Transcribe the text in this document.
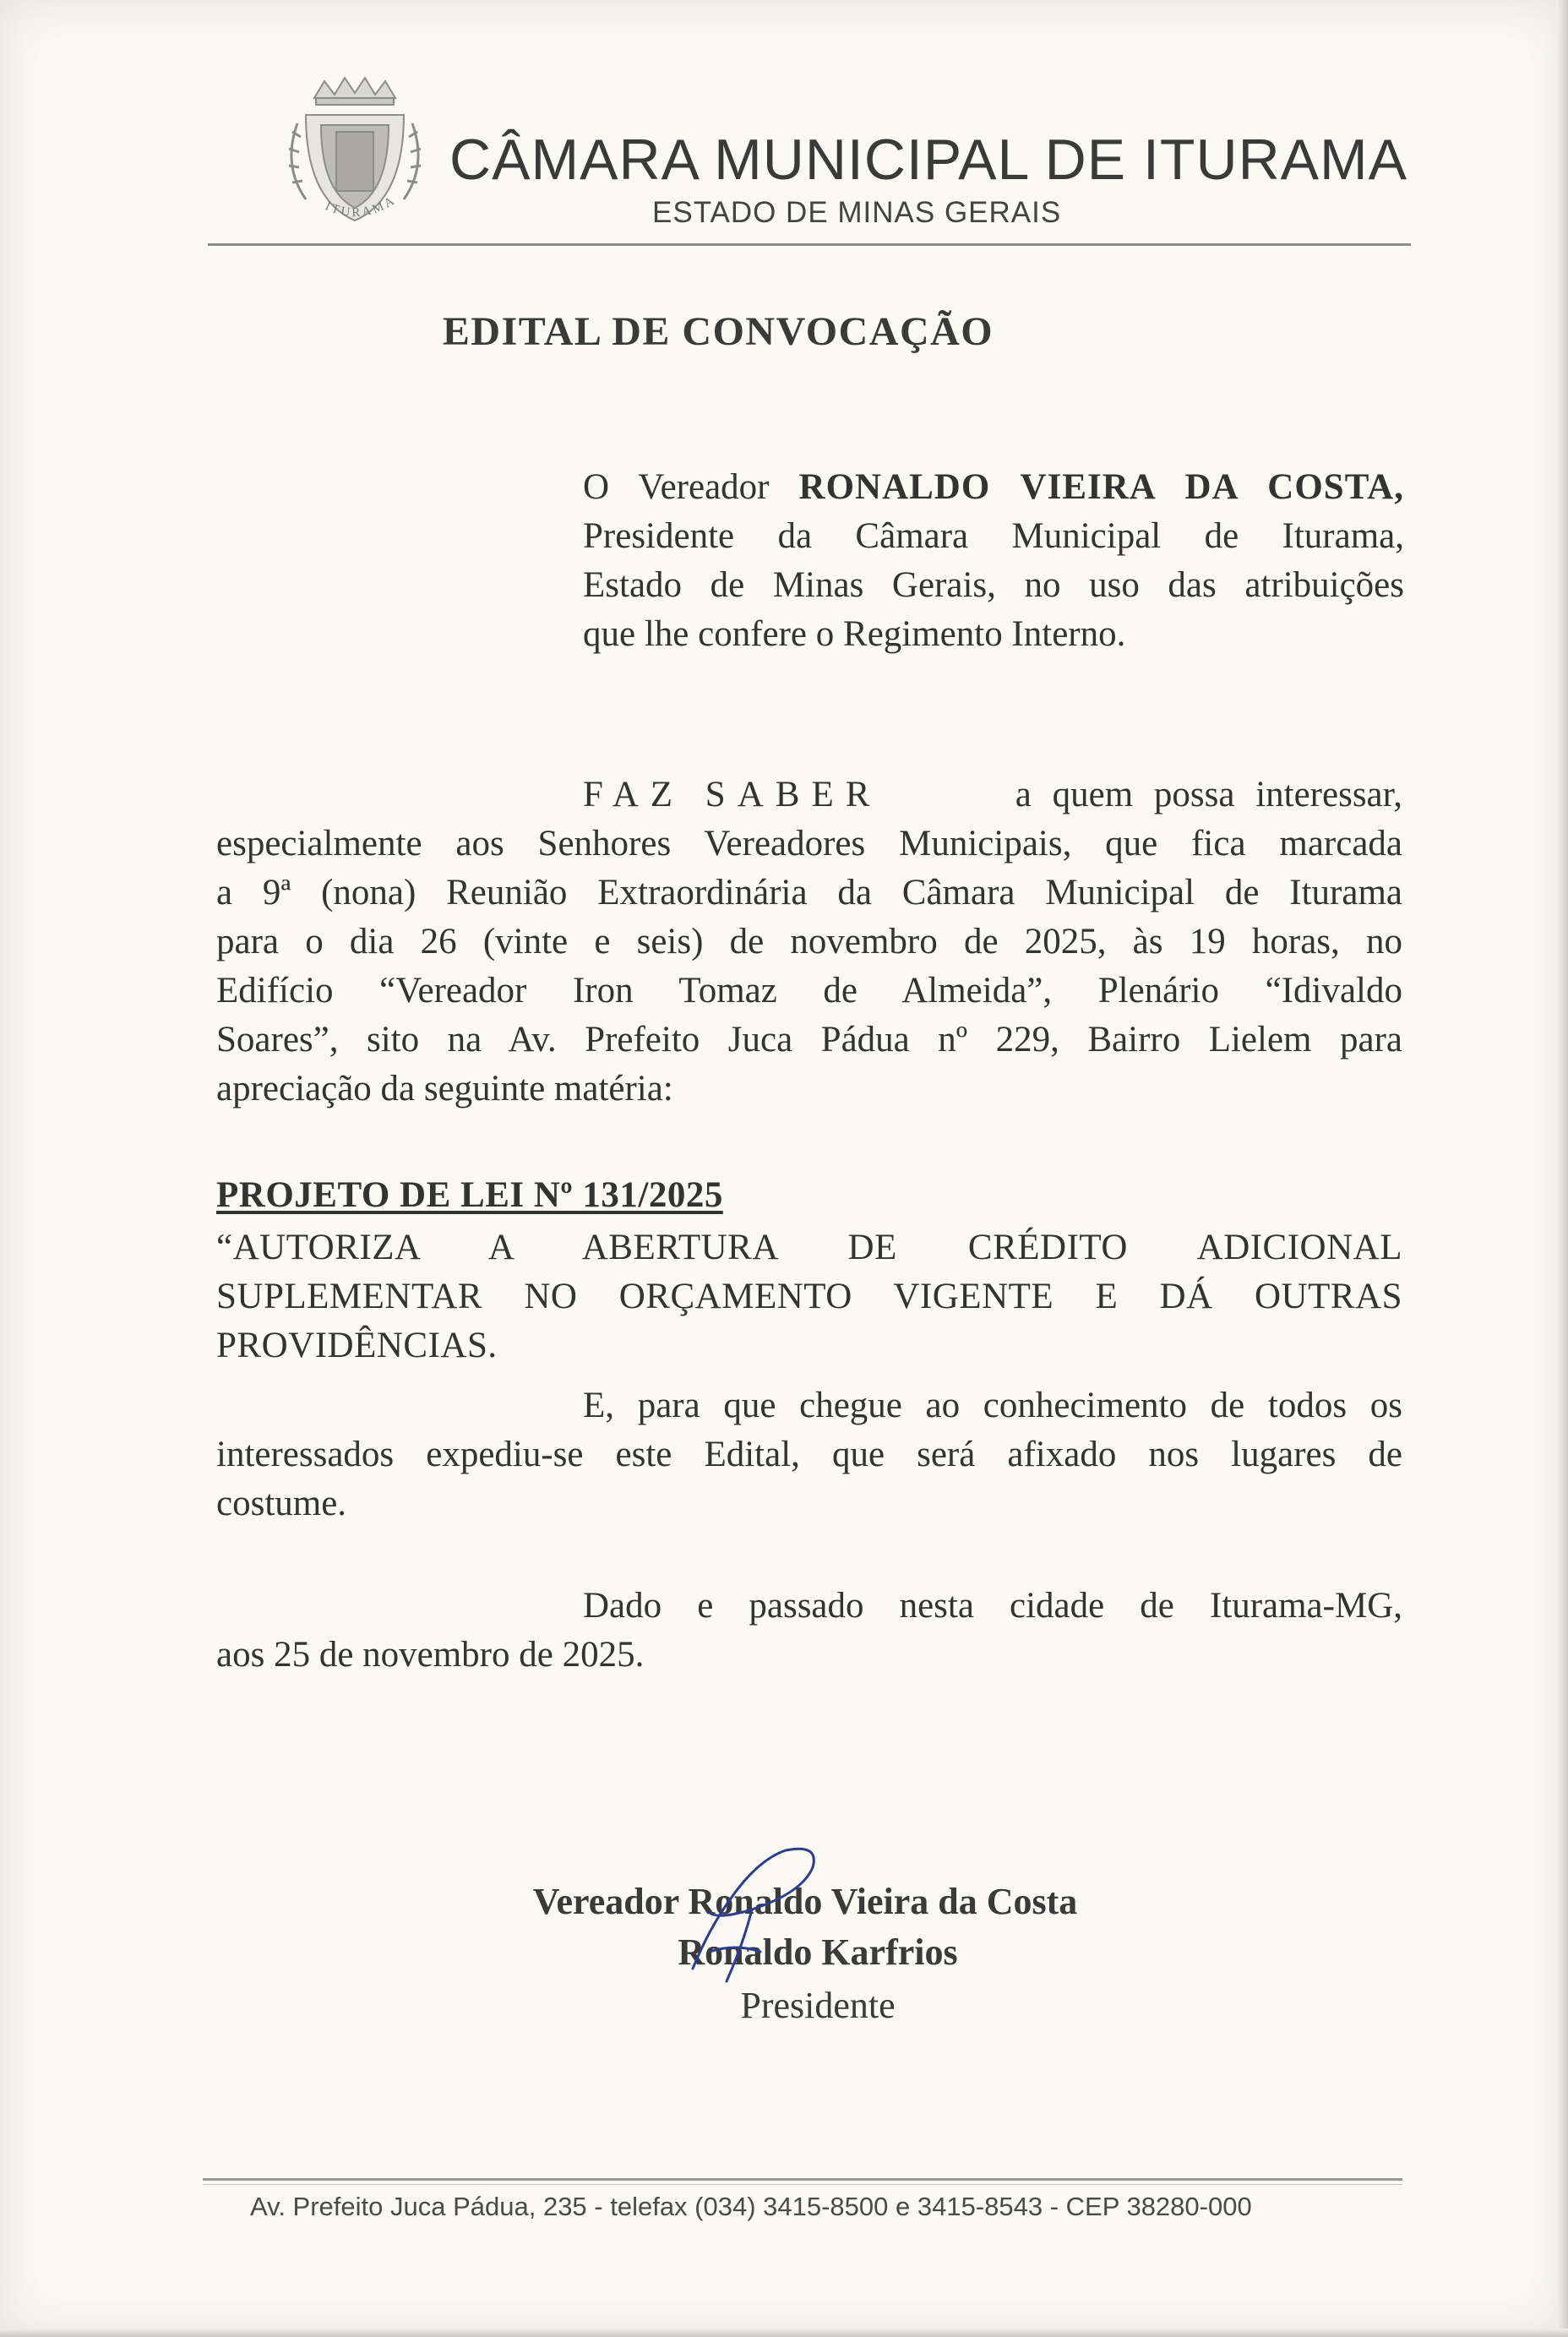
ITURAMA
CÂMARA MUNICIPAL DE ITURAMA
ESTADO DE MINAS GERAIS
EDITAL DE CONVOCAÇÃO
O Vereador RONALDO VIEIRA DA COSTA,
Presidente da Câmara Municipal de Iturama,
Estado de Minas Gerais, no uso das atribuições
que lhe confere o Regimento Interno.
FAZ SABER	a quem possa interessar,
especialmente aos Senhores Vereadores Municipais, que fica marcada
a 9ª (nona) Reunião Extraordinária da Câmara Municipal de Iturama
para o dia 26 (vinte e seis) de novembro de 2025, às 19 horas, no
Edifício “Vereador Iron Tomaz de Almeida”, Plenário “Idivaldo
Soares”, sito na Av. Prefeito Juca Pádua nº 229, Bairro Lielem para
apreciação da seguinte matéria:
PROJETO DE LEI Nº 131/2025
“AUTORIZA A ABERTURA DE CRÉDITO ADICIONAL
SUPLEMENTAR NO ORÇAMENTO VIGENTE E DÁ OUTRAS
PROVIDÊNCIAS.
E, para que chegue ao conhecimento de todos os
interessados expediu-se este Edital, que será afixado nos lugares de
costume.
Dado e passado nesta cidade de Iturama-MG,
aos 25 de novembro de 2025.
Vereador Ronaldo Vieira da Costa
Ronaldo Karfrios
Presidente
Av. Prefeito Juca Pádua, 235 - telefax (034) 3415-8500 e 3415-8543 - CEP 38280-000
